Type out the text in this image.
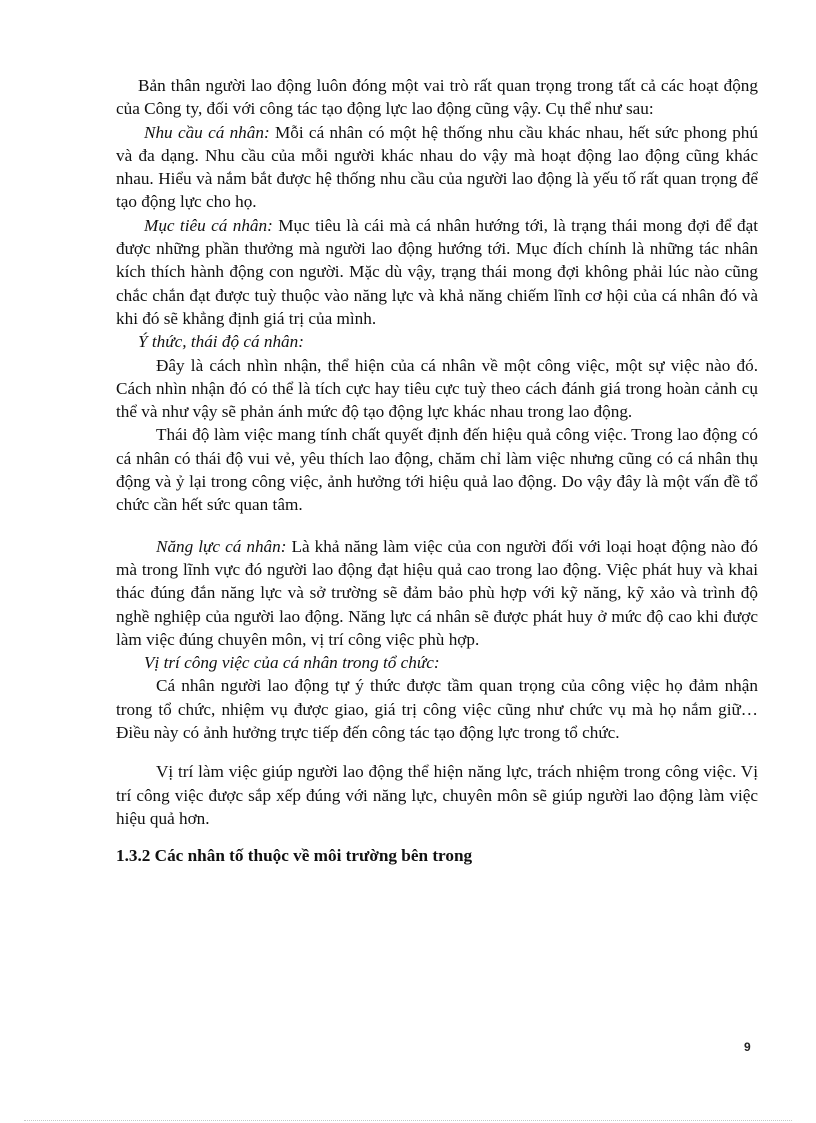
Bản thân người lao động luôn đóng một vai trò rất quan trọng trong tất cả các hoạt động của Công ty, đối với công tác tạo động lực lao động cũng vậy. Cụ thể như sau:

Nhu cầu cá nhân: Mỗi cá nhân có một hệ thống nhu cầu khác nhau, hết sức phong phú và đa dạng. Nhu cầu của mỗi người khác nhau do vậy mà hoạt động lao động cũng khác nhau. Hiểu và nắm bắt được hệ thống nhu cầu của người lao động là yếu tố rất quan trọng để tạo động lực cho họ.

Mục tiêu cá nhân: Mục tiêu là cái mà cá nhân hướng tới, là trạng thái mong đợi để đạt được những phần thưởng mà người lao động hướng tới. Mục đích chính là những tác nhân kích thích hành động con người. Mặc dù vậy, trạng thái mong đợi không phải lúc nào cũng chắc chắn đạt được tuỳ thuộc vào năng lực và khả năng chiếm lĩnh cơ hội của cá nhân đó và khi đó sẽ khẳng định giá trị của mình.

Ý thức, thái độ cá nhân:

Đây là cách nhìn nhận, thể hiện của cá nhân về một công việc, một sự việc nào đó. Cách nhìn nhận đó có thể là tích cực hay tiêu cực tuỳ theo cách đánh giá trong hoàn cảnh cụ thể và như vậy sẽ phản ánh mức độ tạo động lực khác nhau trong lao động.

Thái độ làm việc mang tính chất quyết định đến hiệu quả công việc. Trong lao động có cá nhân có thái độ vui vẻ, yêu thích lao động, chăm chỉ làm việc nhưng cũng có cá nhân thụ động và ỷ lại trong công việc, ảnh hưởng tới hiệu quả lao động. Do vậy đây là một vấn đề tổ chức cần hết sức quan tâm.

Năng lực cá nhân: Là khả năng làm việc của con người đối với loại hoạt động nào đó mà trong lĩnh vực đó người lao động đạt hiệu quả cao trong lao động. Việc phát huy và khai thác đúng đắn năng lực và sở trường sẽ đảm bảo phù hợp với kỹ năng, kỹ xảo và trình độ nghề nghiệp của người lao động. Năng lực cá nhân sẽ được phát huy ở mức độ cao khi được làm việc đúng chuyên môn, vị trí công việc phù hợp.

Vị trí công việc của cá nhân trong tổ chức:

Cá nhân người lao động tự ý thức được tầm quan trọng của công việc họ đảm nhận trong tổ chức, nhiệm vụ được giao, giá trị công việc cũng như chức vụ mà họ nắm giữ… Điều này có ảnh hưởng trực tiếp đến công tác tạo động lực trong tổ chức.

Vị trí làm việc giúp người lao động thể hiện năng lực, trách nhiệm trong công việc. Vị trí công việc được sắp xếp đúng với năng lực, chuyên môn sẽ giúp người lao động làm việc hiệu quả hơn.

1.3.2 Các nhân tố thuộc về môi trường bên trong

9
